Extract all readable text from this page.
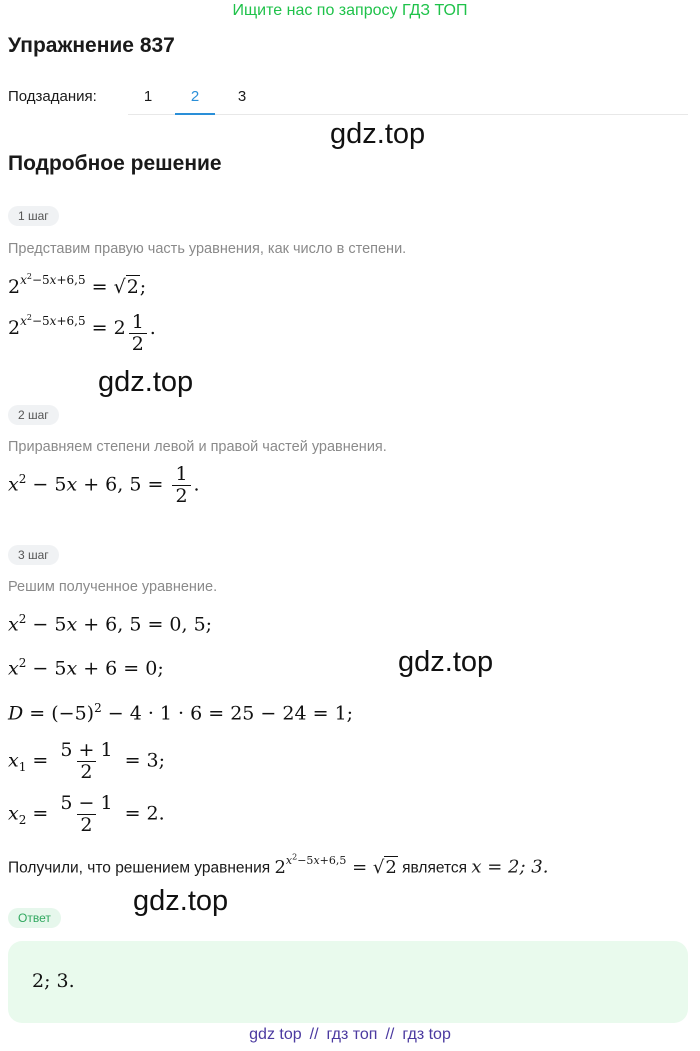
Ищите нас по запросу ГДЗ ТОП
Упражнение 837
Подзадания:	1	2	3
gdz.top
Подробное решение
1 шаг
Представим правую часть уравнения, как число в степени.
$2^{x^2-5x+6,5} = √2$;
$2^{x^2-5x+6,5} = 2 \frac{1}{2}$ .
gdz.top
2 шаг
Приравняем степени левой и правой частей уравнения.
$x^2 - 5x + 6$, $5 = \frac{1}{2}$ .
3 шаг
Решим полученное уравнение.
$x^2 - 5x + 6$, 5 = 0, 5;
$x^2 - 5x + 6 = 0$;	gdz.top
$D = (-5)^2 - 4 \cdot 1 \cdot 6 = 25 - 24 = 1$;
$x_1 = \frac{5 + 1}{2} = 3$;
$x_2 = \frac{5 - 1}{2} = 2$.
Получили, что решением уравнения $2^{x^2-5x+6,5} = √2$ является x = 2; 3.
gdz.top
Ответ
2; 3.
gdz top // гдз топ // гдз top
